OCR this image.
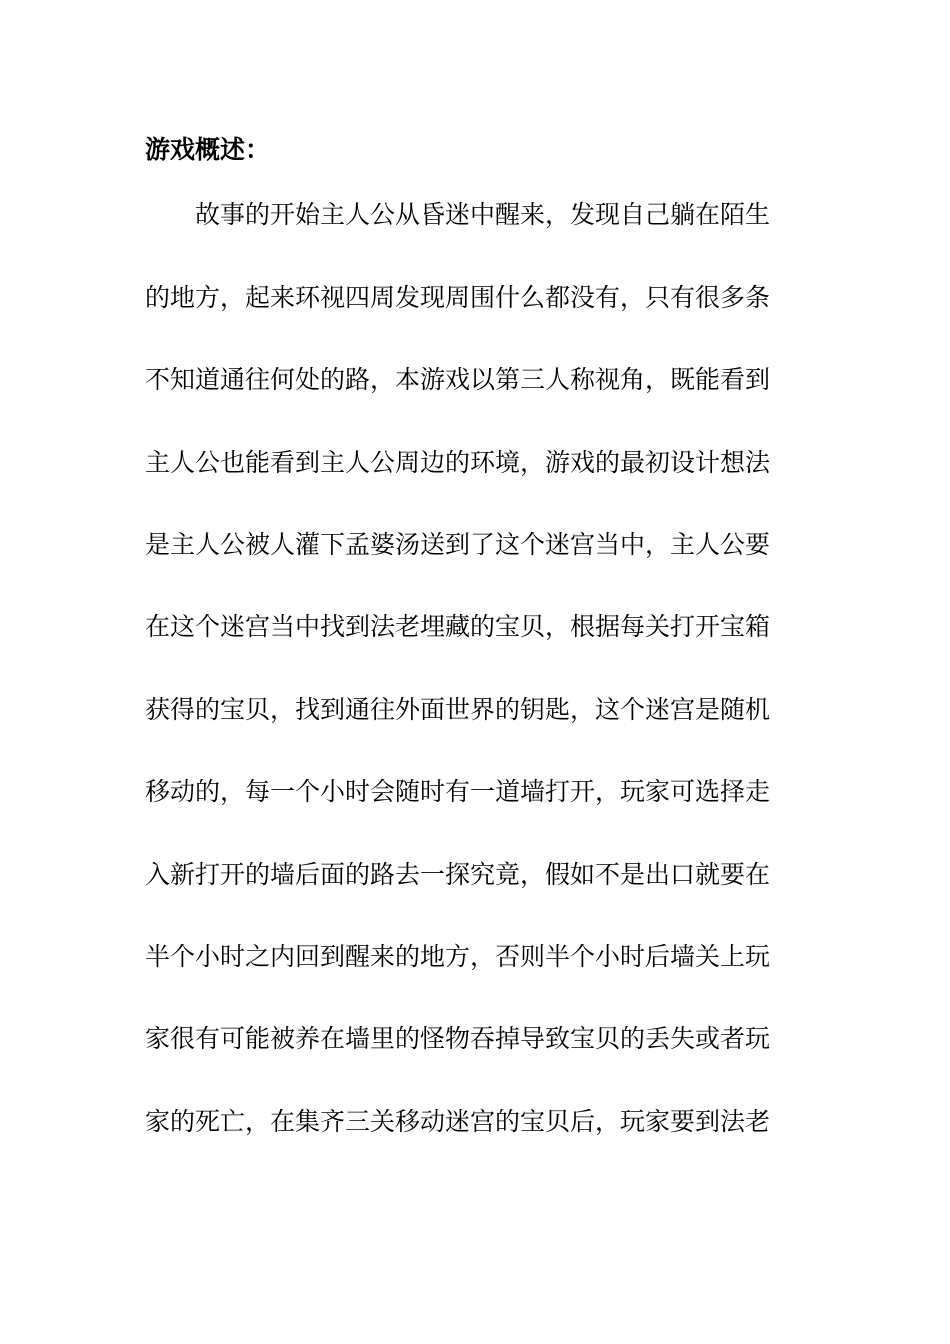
游戏概述：
故事的开始主人公从昏迷中醒来，发现自己躺在陌生
的地方，起来环视四周发现周围什么都没有，只有很多条
不知道通往何处的路，本游戏以第三人称视角，既能看到
主人公也能看到主人公周边的环境，游戏的最初设计想法
是主人公被人灌下孟婆汤送到了这个迷宫当中，主人公要
在这个迷宫当中找到法老埋藏的宝贝，根据每关打开宝箱
获得的宝贝，找到通往外面世界的钥匙，这个迷宫是随机
移动的，每一个小时会随时有一道墙打开，玩家可选择走
入新打开的墙后面的路去一探究竟，假如不是出口就要在
半个小时之内回到醒来的地方，否则半个小时后墙关上玩
家很有可能被养在墙里的怪物吞掉导致宝贝的丢失或者玩
家的死亡，在集齐三关移动迷宫的宝贝后，玩家要到法老
